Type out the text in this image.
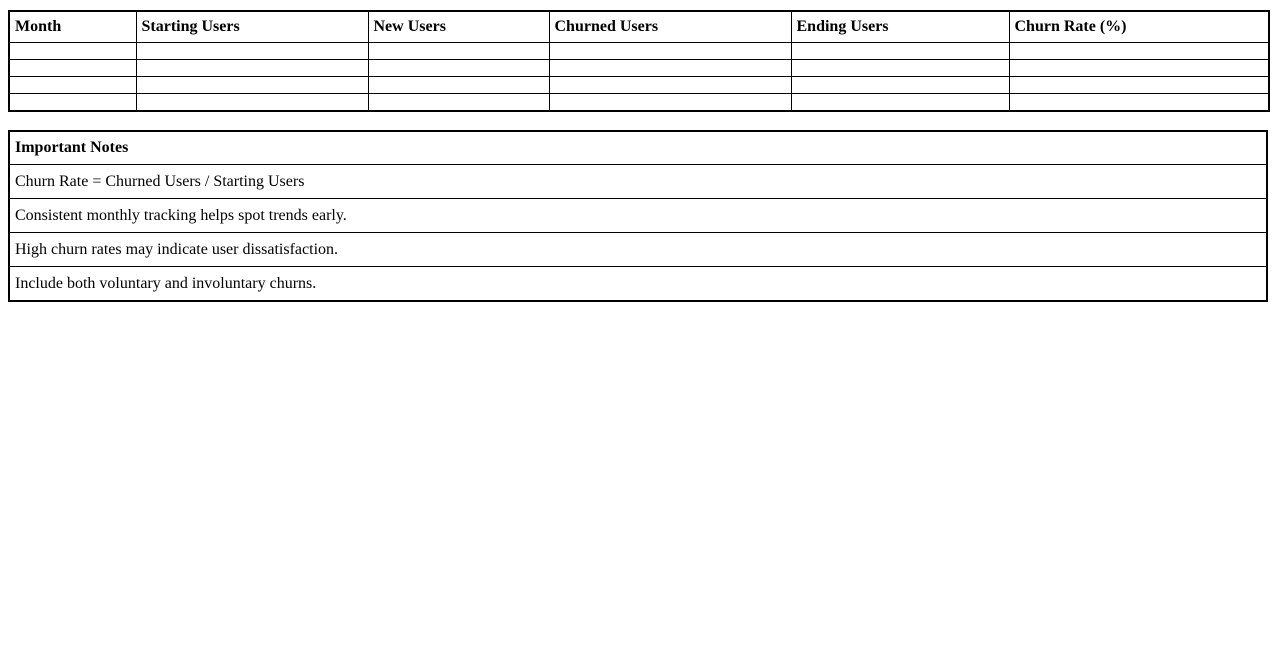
Month	Starting Users	New Users	Churned Users	Ending Users	Churn Rate (%)

Important Notes
Churn Rate = Churned Users / Starting Users
Consistent monthly tracking helps spot trends early.
High churn rates may indicate user dissatisfaction.
Include both voluntary and involuntary churns.
